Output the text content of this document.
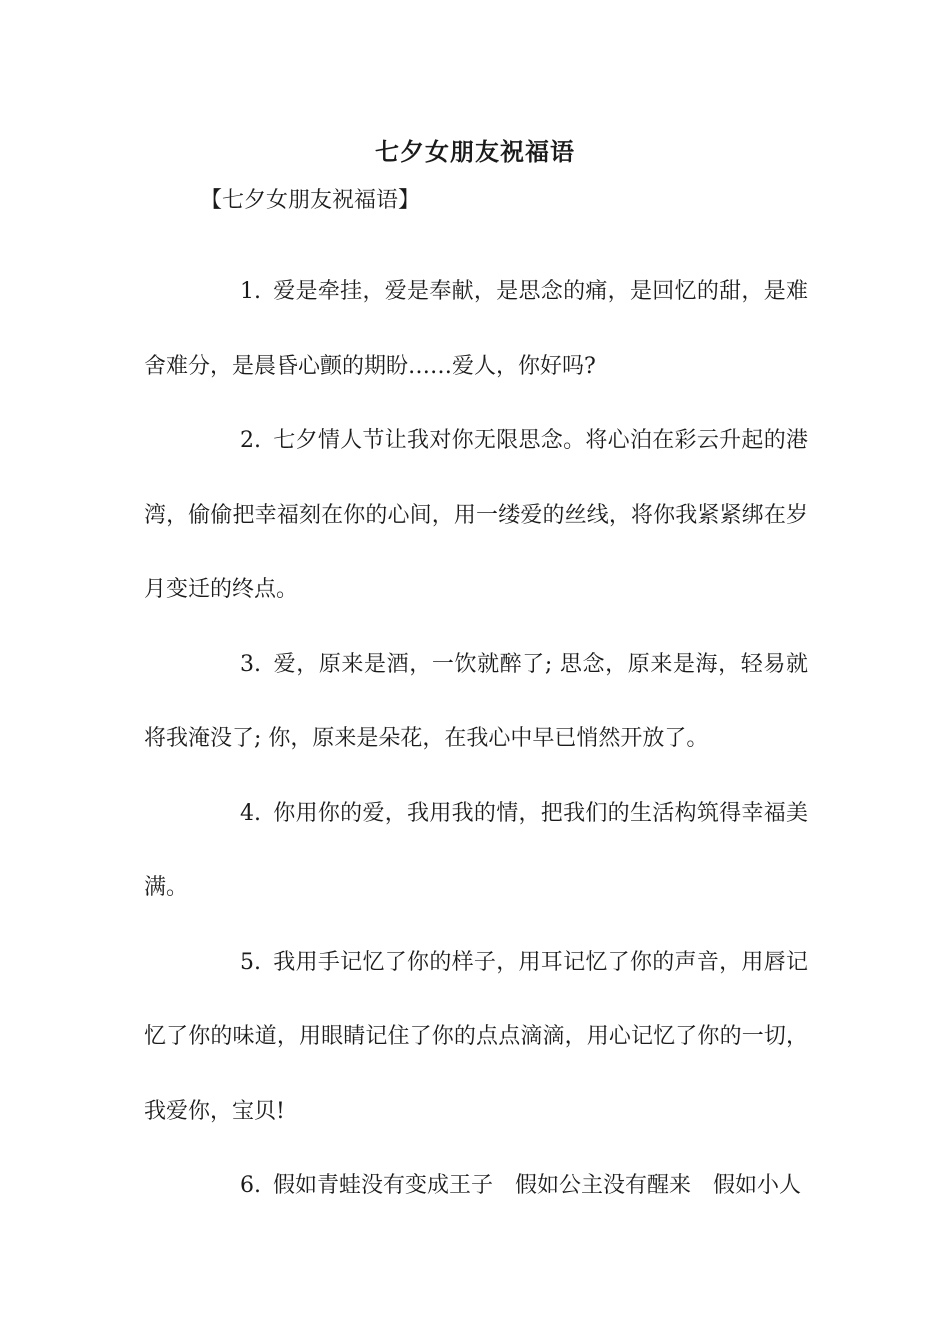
七夕女朋友祝福语
【七夕女朋友祝福语】

1. 爱是牵挂，爱是奉献，是思念的痛，是回忆的甜，是难舍难分，是晨昏心颤的期盼……爱人，你好吗?

2. 七夕情人节让我对你无限思念。将心泊在彩云升起的港湾，偷偷把幸福刻在你的心间，用一缕爱的丝线，将你我紧紧绑在岁月变迁的终点。

3. 爱，原来是酒，一饮就醉了; 思念，原来是海，轻易就将我淹没了; 你，原来是朵花，在我心中早已悄然开放了。

4. 你用你的爱，我用我的情，把我们的生活构筑得幸福美满。

5. 我用手记忆了你的样子，用耳记忆了你的声音，用唇记忆了你的味道，用眼睛记住了你的点点滴滴，用心记忆了你的一切，我爱你，宝贝!

6. 假如青蛙没有变成王子　假如公主没有醒来　假如小人
